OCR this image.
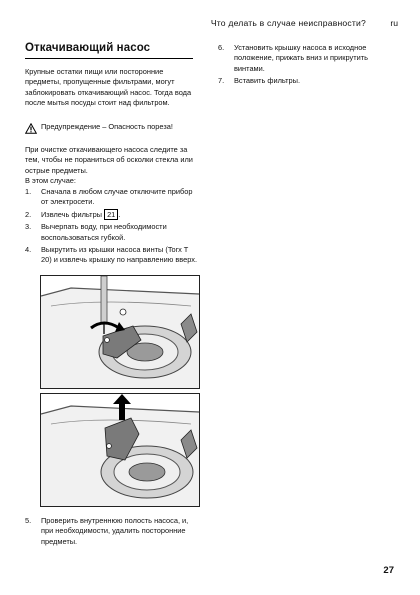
Что делать в случае неисправности?	ru
Откачивающий насос
Крупные остатки пищи или посторонние предметы, пропущенные фильтрами, могут заблокировать откачивающий насос. Тогда вода после мытья посуды стоит над фильтром.
Предупреждение – Опасность пореза!
При очистке откачивающего насоса следите за тем, чтобы не пораниться об осколки стекла или острые предметы.
В этом случае:
1. Сначала в любом случае отключите прибор от электросети.
2. Извлечь фильтры 21 .
3. Вычерпать воду, при необходимости воспользоваться губкой.
4. Выкрутить из крышки насоса винты (Torx T 20) и извлечь крышку по направлению вверх.
5. Проверить внутреннюю полость насоса, и, при необходимости, удалить посторонние предметы.
6. Установить крышку насоса в исходное положение, прижать вниз и прикрутить винтами.
7. Вставить фильтры.
27
